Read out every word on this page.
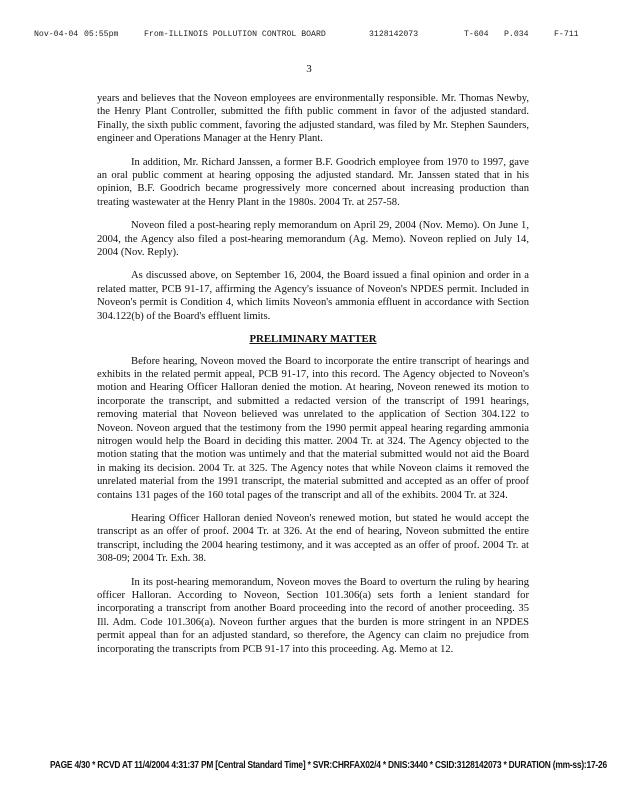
Nov-04-04 05:55pm	From-ILLINOIS POLLUTION CONTROL BOARD	3128142073	T-604 P.034	F-711
3

years and believes that the Noveon employees are environmentally responsible. Mr. Thomas Newby, the Henry Plant Controller, submitted the fifth public comment in favor of the adjusted standard. Finally, the sixth public comment, favoring the adjusted standard, was filed by Mr. Stephen Saunders, engineer and Operations Manager at the Henry Plant.

In addition, Mr. Richard Janssen, a former B.F. Goodrich employee from 1970 to 1997, gave an oral public comment at hearing opposing the adjusted standard. Mr. Janssen stated that in his opinion, B.F. Goodrich became progressively more concerned about increasing production than treating wastewater at the Henry Plant in the 1980s. 2004 Tr. at 257-58.

Noveon filed a post-hearing reply memorandum on April 29, 2004 (Nov. Memo). On June 1, 2004, the Agency also filed a post-hearing memorandum (Ag. Memo). Noveon replied on July 14, 2004 (Nov. Reply).

As discussed above, on September 16, 2004, the Board issued a final opinion and order in a related matter, PCB 91-17, affirming the Agency's issuance of Noveon's NPDES permit. Included in Noveon's permit is Condition 4, which limits Noveon's ammonia effluent in accordance with Section 304.122(b) of the Board's effluent limits.

PRELIMINARY MATTER

Before hearing, Noveon moved the Board to incorporate the entire transcript of hearings and exhibits in the related permit appeal, PCB 91-17, into this record. The Agency objected to Noveon's motion and Hearing Officer Halloran denied the motion. At hearing, Noveon renewed its motion to incorporate the transcript, and submitted a redacted version of the transcript of 1991 hearings, removing material that Noveon believed was unrelated to the application of Section 304.122 to Noveon. Noveon argued that the testimony from the 1990 permit appeal hearing regarding ammonia nitrogen would help the Board in deciding this matter. 2004 Tr. at 324. The Agency objected to the motion stating that the motion was untimely and that the material submitted would not aid the Board in making its decision. 2004 Tr. at 325. The Agency notes that while Noveon claims it removed the unrelated material from the 1991 transcript, the material submitted and accepted as an offer of proof contains 131 pages of the 160 total pages of the transcript and all of the exhibits. 2004 Tr. at 324.

Hearing Officer Halloran denied Noveon's renewed motion, but stated he would accept the transcript as an offer of proof. 2004 Tr. at 326. At the end of hearing, Noveon submitted the entire transcript, including the 2004 hearing testimony, and it was accepted as an offer of proof. 2004 Tr. at 308-09; 2004 Tr. Exh. 38.

In its post-hearing memorandum, Noveon moves the Board to overturn the ruling by hearing officer Halloran. According to Noveon, Section 101.306(a) sets forth a lenient standard for incorporating a transcript from another Board proceeding into the record of another proceeding. 35 Ill. Adm. Code 101.306(a). Noveon further argues that the burden is more stringent in an NPDES permit appeal than for an adjusted standard, so therefore, the Agency can claim no prejudice from incorporating the transcripts from PCB 91-17 into this proceeding. Ag. Memo at 12.

PAGE 4/30 * RCVD AT 11/4/2004 4:31:37 PM [Central Standard Time] * SVR:CHRFAX02/4 * DNIS:3440 * CSID:3128142073 * DURATION (mm-ss):17-26
